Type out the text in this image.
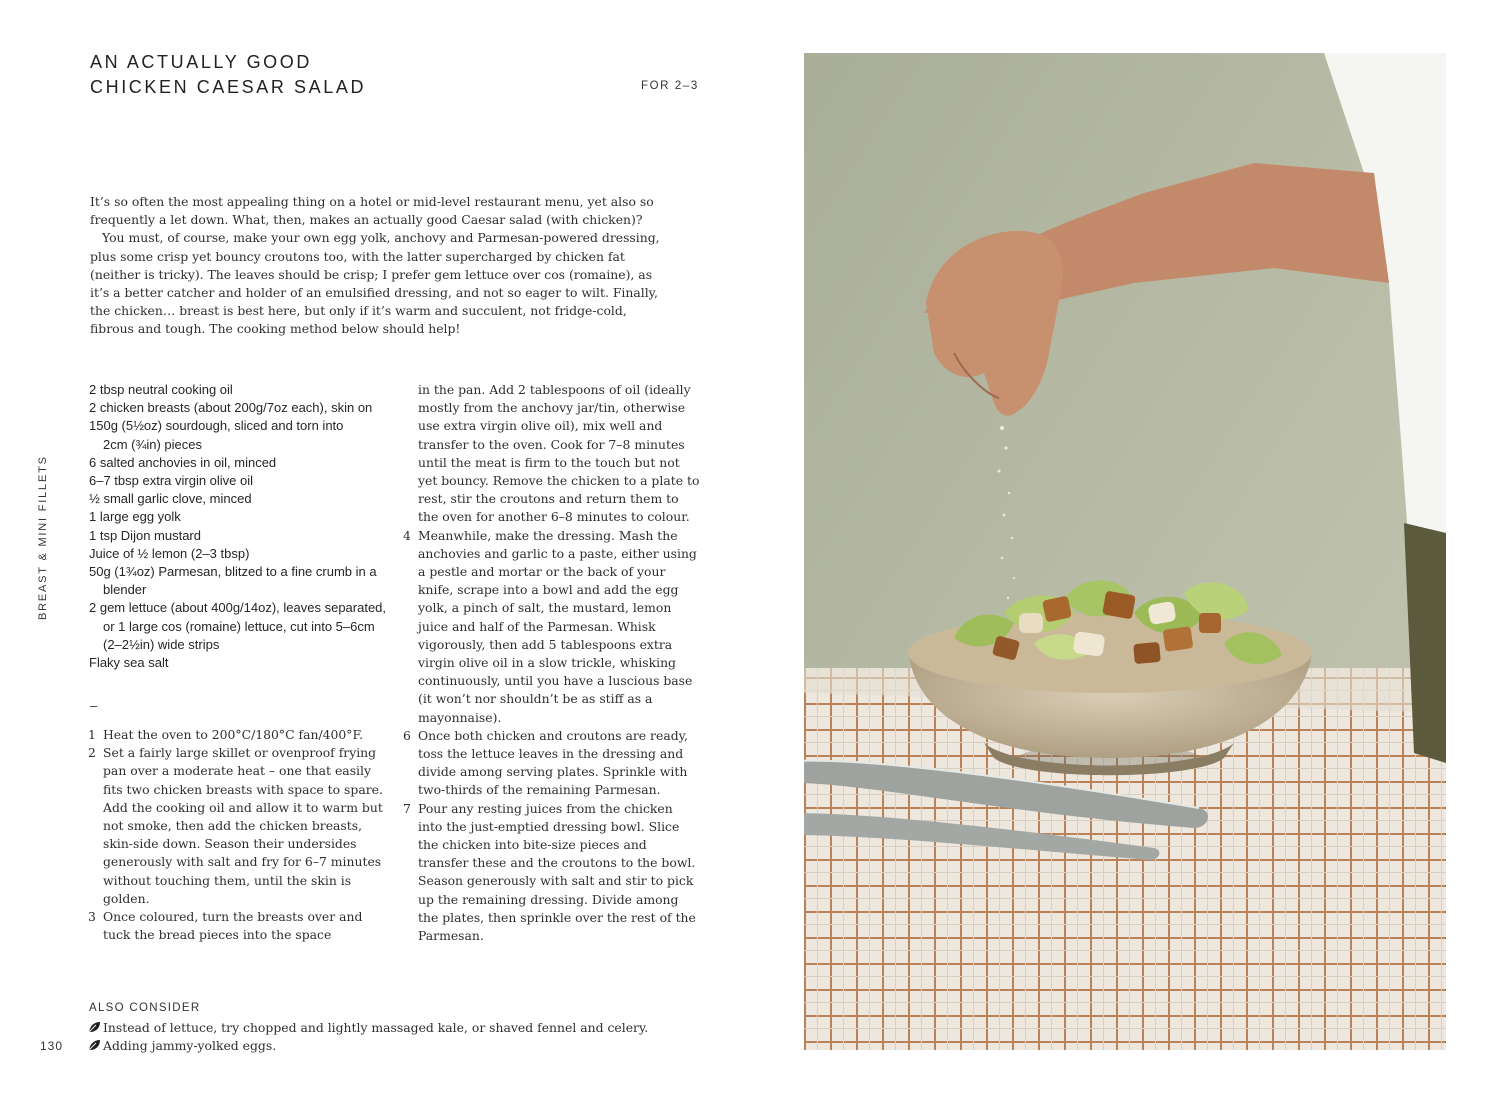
AN ACTUALLY GOOD
CHICKEN CAESAR SALAD	FOR 2–3

It’s so often the most appealing thing on a hotel or mid-level restaurant menu, yet also so frequently a let down. What, then, makes an actually good Caesar salad (with chicken)?

You must, of course, make your own egg yolk, anchovy and Parmesan-powered dressing, plus some crisp yet bouncy croutons too, with the latter supercharged by chicken fat (neither is tricky). The leaves should be crisp; I prefer gem lettuce over cos (romaine), as it’s a better catcher and holder of an emulsified dressing, and not so eager to wilt. Finally, the chicken… breast is best here, but only if it’s warm and succulent, not fridge-cold, fibrous and tough. The cooking method below should help!

2 tbsp neutral cooking oil
2 chicken breasts (about 200g/7oz each), skin on
150g (5½oz) sourdough, sliced and torn into 2cm (¾in) pieces
6 salted anchovies in oil, minced
6–7 tbsp extra virgin olive oil
½ small garlic clove, minced
1 large egg yolk
1 tsp Dijon mustard
Juice of ½ lemon (2–3 tbsp)
50g (1¾oz) Parmesan, blitzed to a fine crumb in a blender
2 gem lettuce (about 400g/14oz), leaves separated, or 1 large cos (romaine) lettuce, cut into 5–6cm (2–2½in) wide strips
Flaky sea salt
–
1 Heat the oven to 200°C/180°C fan/400°F.
2 Set a fairly large skillet or ovenproof frying pan over a moderate heat – one that easily fits two chicken breasts with space to spare. Add the cooking oil and allow it to warm but not smoke, then add the chicken breasts, skin-side down. Season their undersides generously with salt and fry for 6–7 minutes without touching them, until the skin is golden.
3 Once coloured, turn the breasts over and tuck the bread pieces into the space
in the pan. Add 2 tablespoons of oil (ideally mostly from the anchovy jar/tin, otherwise use extra virgin olive oil), mix well and transfer to the oven. Cook for 7–8 minutes until the meat is firm to the touch but not yet bouncy. Remove the chicken to a plate to rest, stir the croutons and return them to the oven for another 6–8 minutes to colour.
4 Meanwhile, make the dressing. Mash the anchovies and garlic to a paste, either using a pestle and mortar or the back of your knife, scrape into a bowl and add the egg yolk, a pinch of salt, the mustard, lemon juice and half of the Parmesan. Whisk vigorously, then add 5 tablespoons extra virgin olive oil in a slow trickle, whisking continuously, until you have a luscious base (it won’t nor shouldn’t be as stiff as a mayonnaise).
6 Once both chicken and croutons are ready, toss the lettuce leaves in the dressing and divide among serving plates. Sprinkle with two-thirds of the remaining Parmesan.
7 Pour any resting juices from the chicken into the just-emptied dressing bowl. Slice the chicken into bite-size pieces and transfer these and the croutons to the bowl. Season generously with salt and stir to pick up the remaining dressing. Divide among the plates, then sprinkle over the rest of the Parmesan.
ALSO CONSIDER
Instead of lettuce, try chopped and lightly massaged kale, or shaved fennel and celery.
Adding jammy-yolked eggs.
BREAST & MINI FILLETS
130
